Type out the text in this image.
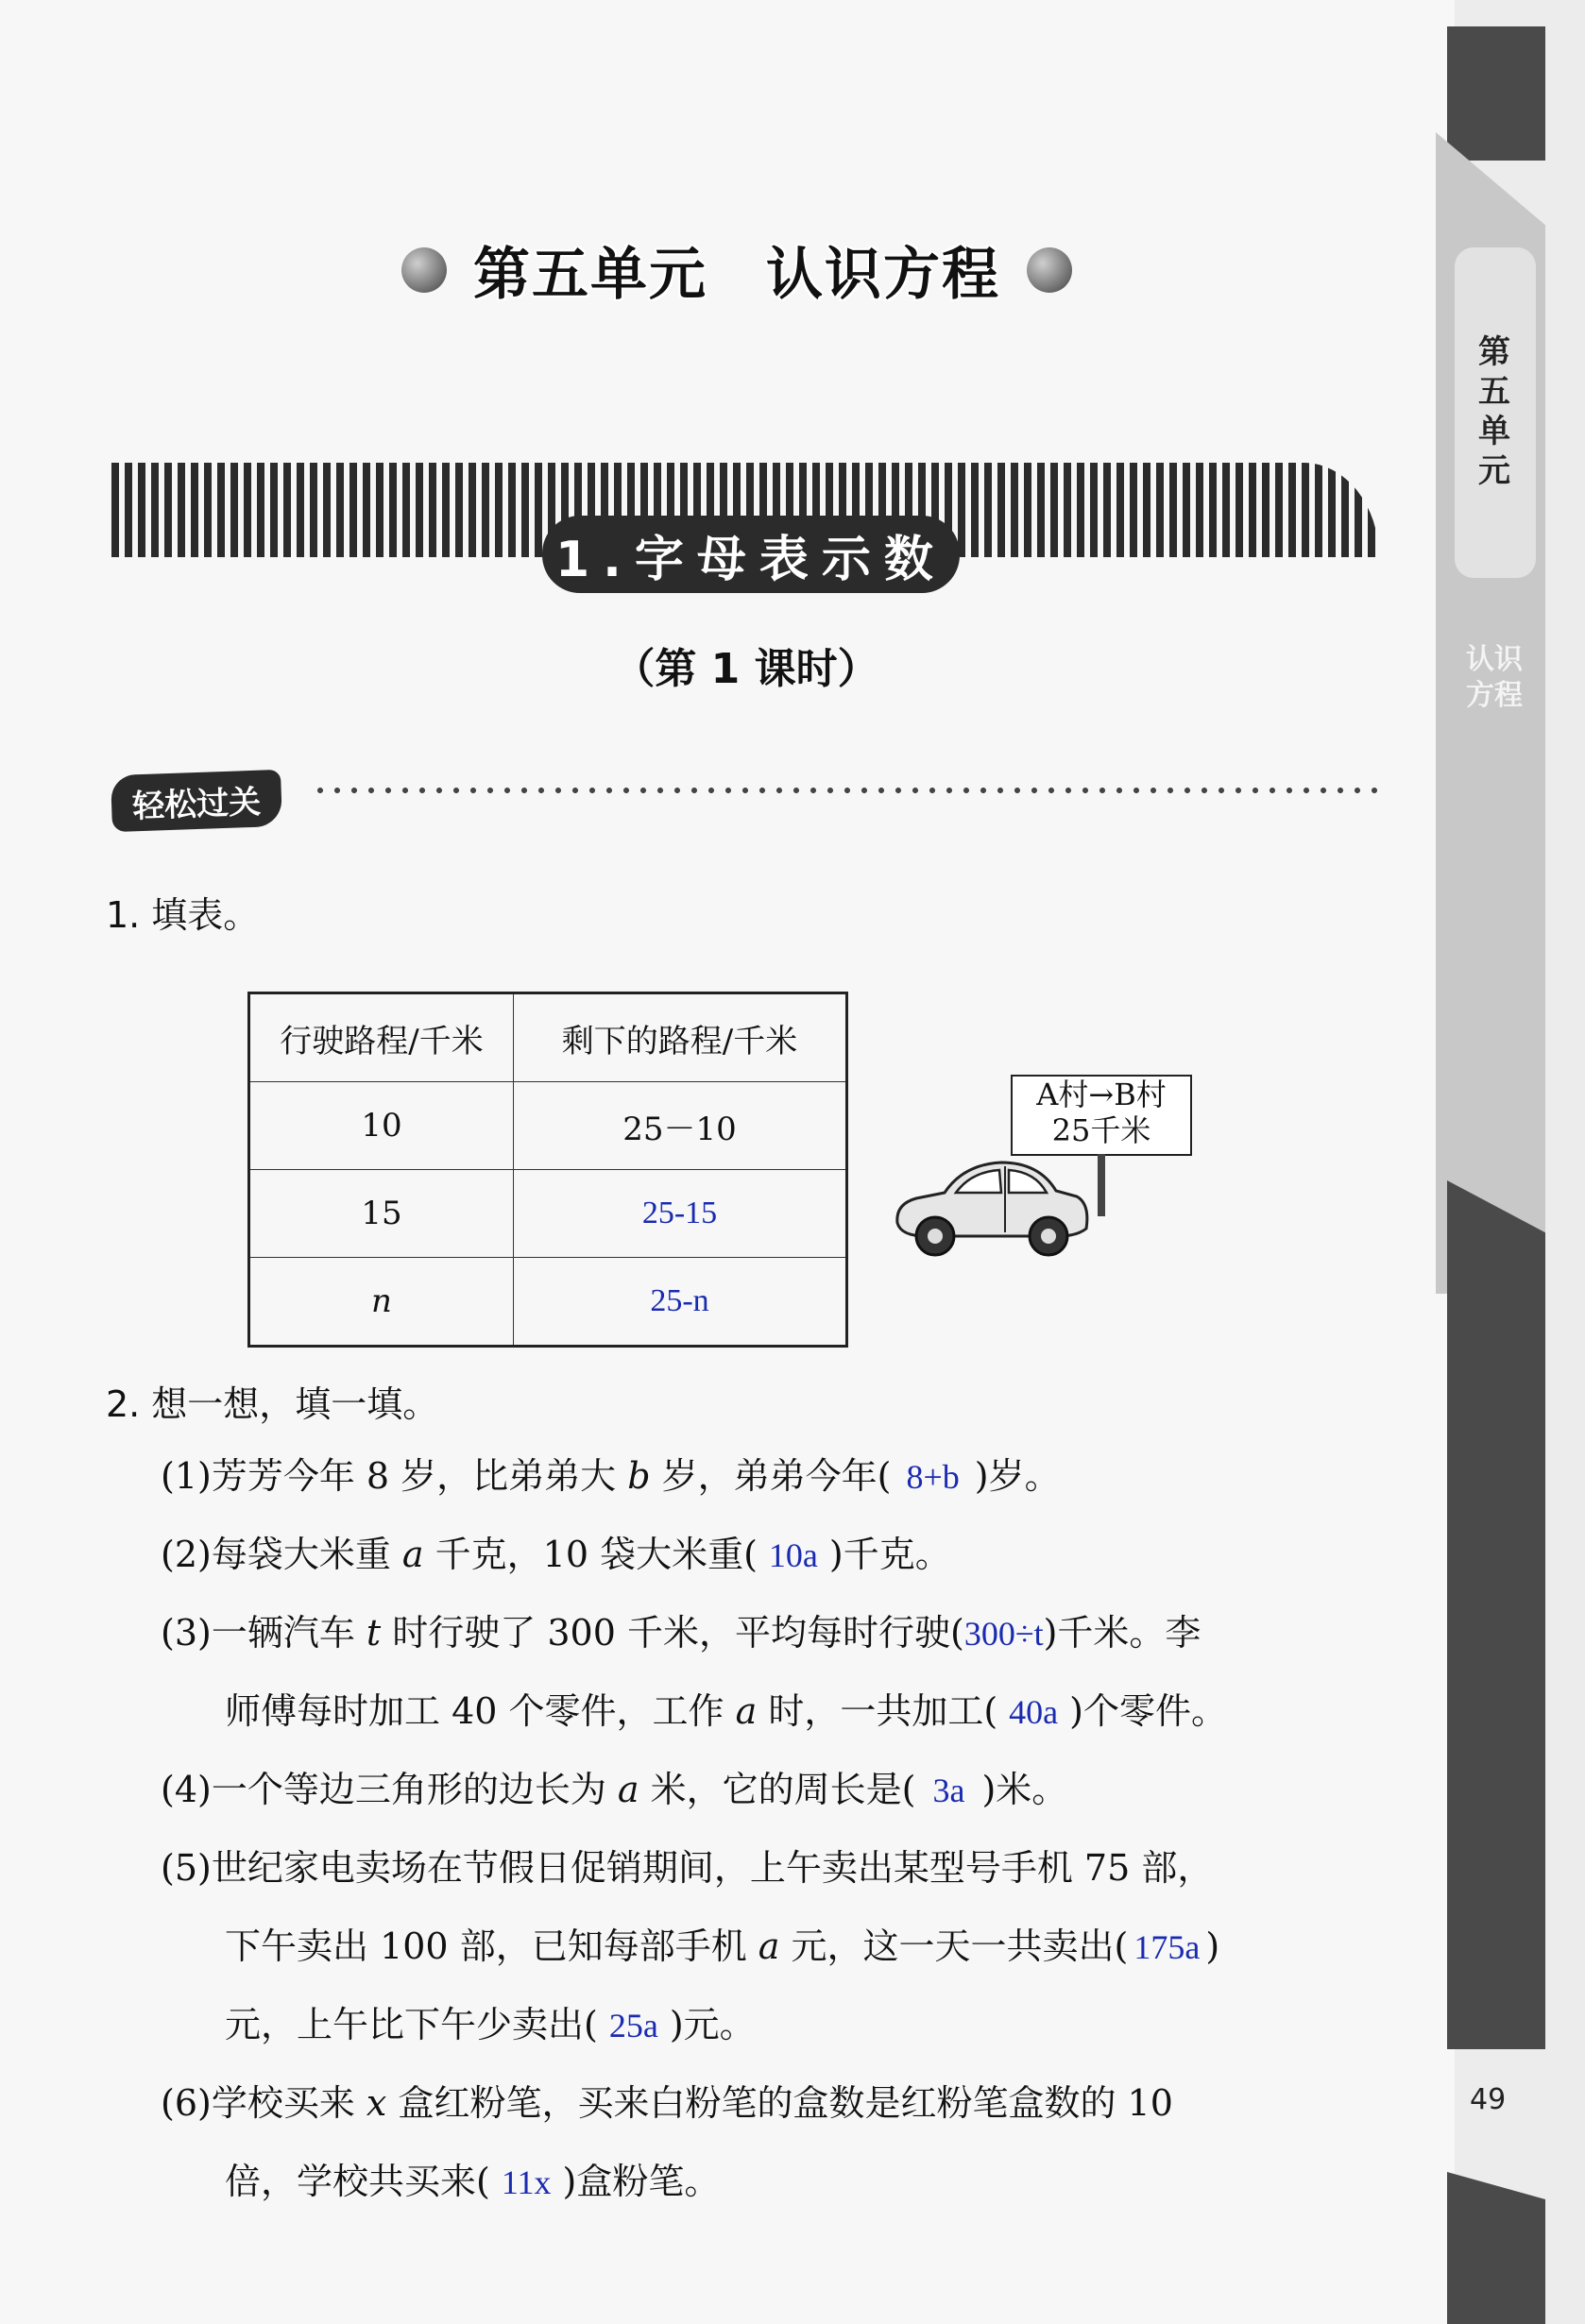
第五单元
认识方程
49
第五单元　认识方程
1.字母表示数
（第 1 课时）
轻松过关
1. 填表。
行驶路程/千米	剩下的路程/千米
10	25－10
15	25-15
n	25-n
A村→B村
25千米
2. 想一想，填一填。
(1)芳芳今年 8 岁，比弟弟大 b 岁，弟弟今年( 8+b )岁。
(2)每袋大米重 a 千克，10 袋大米重( 10a )千克。
(3)一辆汽车 t 时行驶了 300 千米，平均每时行驶(300÷t)千米。李
师傅每时加工 40 个零件，工作 a 时，一共加工( 40a )个零件。
(4)一个等边三角形的边长为 a 米，它的周长是( 3a )米。
(5)世纪家电卖场在节假日促销期间，上午卖出某型号手机 75 部，
下午卖出 100 部，已知每部手机 a 元，这一天一共卖出( 175a )
元，上午比下午少卖出( 25a )元。
(6)学校买来 x 盒红粉笔，买来白粉笔的盒数是红粉笔盒数的 10
倍，学校共买来( 11x )盒粉笔。
